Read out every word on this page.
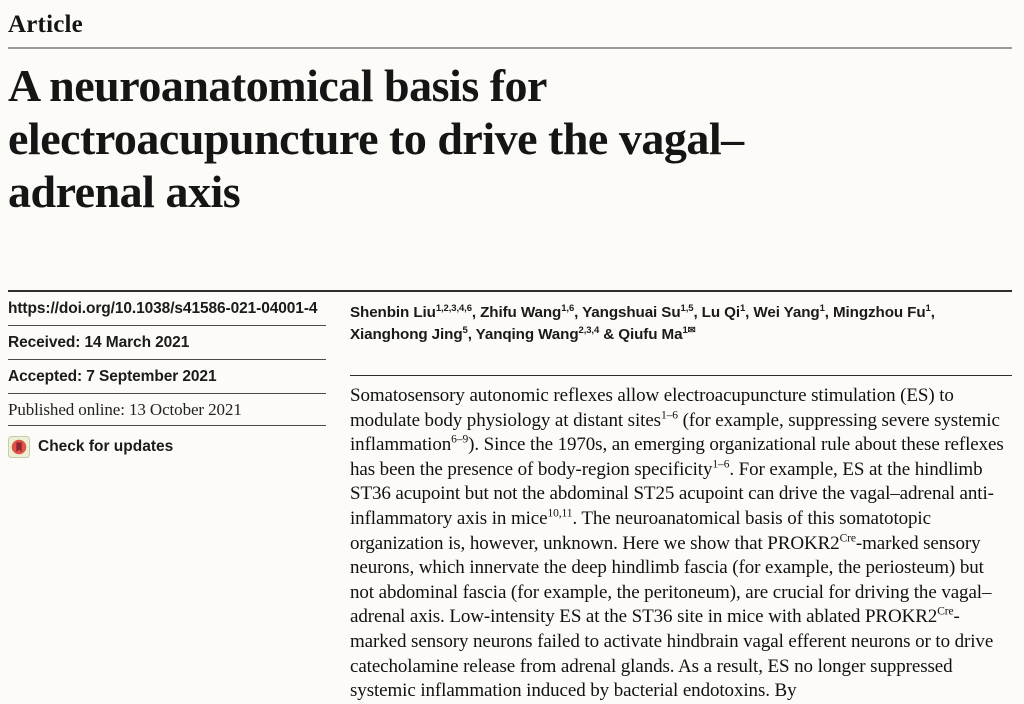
Article
A neuroanatomical basis for
electroacupuncture to drive the vagal–
adrenal axis
https://doi.org/10.1038/s41586-021-04001-4
Received: 14 March 2021
Accepted: 7 September 2021
Published online: 13 October 2021
Check for updates
Shenbin Liu$^{1,2,3,4,6}$, Zhifu Wang$^{1,6}$, Yangshuai Su$^{1,5}$, Lu Qi$^1$, Wei Yang$^1$, Mingzhou Fu$^1$, Xianghong Jing$^5$, Yanqing Wang$^{2,3,4}$ & Qiufu $Ma^{1✉}$

Somatosensory autonomic reflexes allow electroacupuncture stimulation (ES) to modulate body physiology at distant sites$^{1-6}$ (for example, suppressing severe systemic inflammation$^{6-9}$). Since the 1970s, an emerging organizational rule about these reflexes has been the presence of body-region specificity$^{1-6}$. For example, ES at the hindlimb ST36 acupoint but not the abdominal ST25 acupoint can drive the vagal–adrenal anti-inflammatory axis in mice$^{10,11}$. The neuroanatomical basis of this somatotopic organization is, however, unknown. Here we show that $PROKR2^{Cre}$-marked sensory neurons, which innervate the deep hindlimb fascia (for example, the periosteum) but not abdominal fascia (for example, the peritoneum), are crucial for driving the vagal–adrenal axis. Low-intensity ES at the ST36 site in mice with ablated $PROKR2^{Cre}$-marked sensory neurons failed to activate hindbrain vagal efferent neurons or to drive catecholamine release from adrenal glands. As a result, ES no longer suppressed systemic inflammation induced by bacterial endotoxins. By
